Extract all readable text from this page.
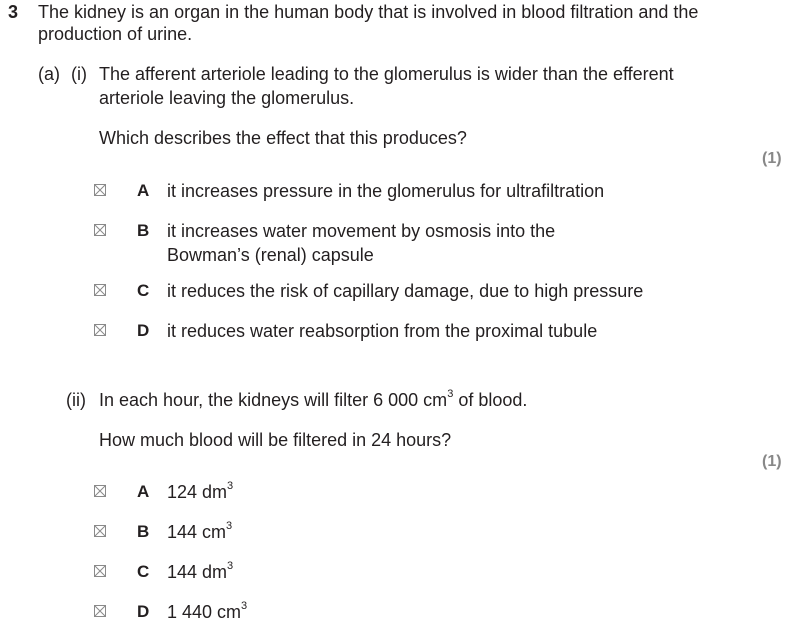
3 The kidney is an organ in the human body that is involved in blood filtration and the
production of urine.
(a) (i) The afferent arteriole leading to the glomerulus is wider than the efferent
arteriole leaving the glomerulus.
Which describes the effect that this produces?
(1)
A it increases pressure in the glomerulus for ultrafiltration
B it increases water movement by osmosis into the
Bowman’s (renal) capsule
C it reduces the risk of capillary damage, due to high pressure
D it reduces water reabsorption from the proximal tubule
(ii) In each hour, the kidneys will filter 6 000 $cm^3$ of blood.
How much blood will be filtered in 24 hours?
(1)
A 124 $dm^3$
B 144 $cm^3$
C 144 $dm^3$
D 1 440 $cm^3$
